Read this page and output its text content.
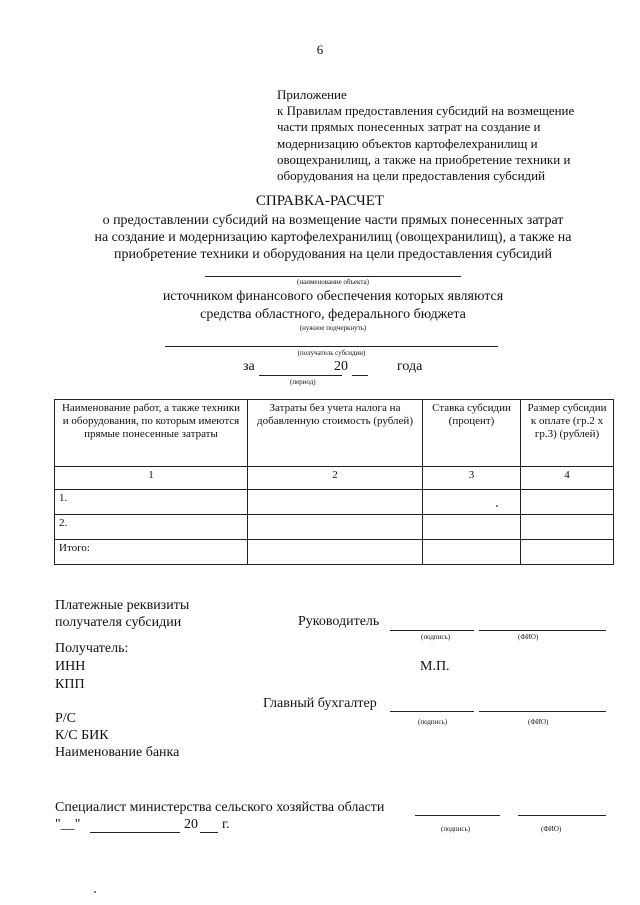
6
Приложение
к Правилам предоставления субсидий на возмещение
части прямых понесенных затрат на создание и
модернизацию объектов картофелехранилищ и
овощехранилищ, а также на приобретение техники и
оборудования на цели предоставления субсидий
СПРАВКА-РАСЧЕТ
о предоставлении субсидий на возмещение части прямых понесенных затрат
на создание и модернизацию картофелехранилищ (овощехранилищ), а также на
приобретение техники и оборудования на цели предоставления субсидий
(наименование объекта)
источником финансового обеспечения которых являются
средства областного, федерального бюджета
(нужное подчеркнуть)
(получатель субсидии)
за	20	года
(период)
Наименование работ, а также техники и оборудования, по которым имеются прямые понесенные затраты	Затраты без учета налога на добавленную стоимость (рублей)	Ставка субсидии (процент)	Размер субсидии к оплате (гр.2 х гр.3) (рублей)
1	2	3	4
1.			
2.			
Итого:			
Платежные реквизиты
получателя субсидии	Руководитель
(подпись)	(ФИО)
Получатель:
ИНН	М.П.
КПП
Главный бухгалтер
(подпись)	(ФИО)
Р/С
К/С БИК
Наименование банка
Специалист министерства сельского хозяйства области
"__"	20 г.	(подпись)	(ФИО)
